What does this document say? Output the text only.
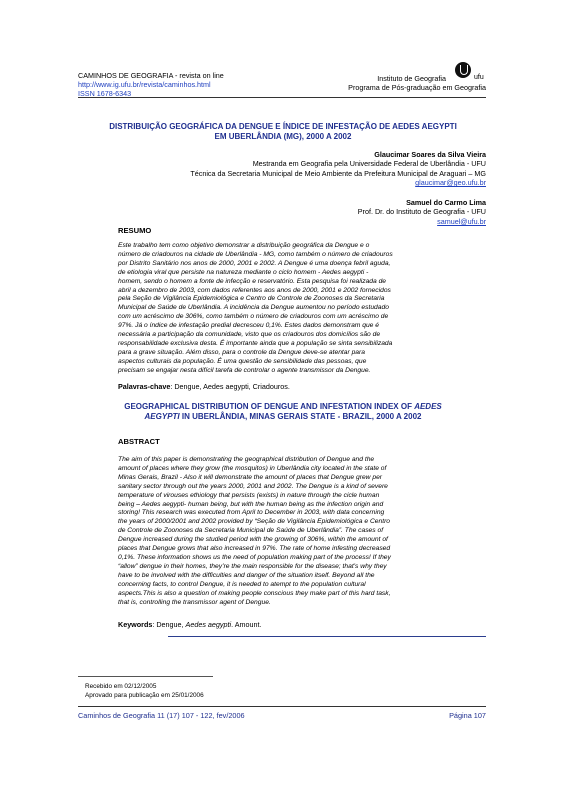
CAMINHOS DE GEOGRAFIA - revista on line
http://www.ig.ufu.br/revista/caminhos.html
ISSN 1678-6343
ufu
Instituto de Geografia
Programa de Pós-graduação em Geografia
DISTRIBUIÇÃO GEOGRÁFICA DA DENGUE E ÍNDICE DE INFESTAÇÃO DE AEDES AEGYPTI
EM UBERLÂNDIA (MG), 2000 A 2002
Glaucimar Soares da Silva Vieira
Mestranda em Geografia pela Universidade Federal de Uberlândia - UFU
Técnica da Secretaria Municipal de Meio Ambiente da Prefeitura Municipal de Araguari – MG
glaucimar@geo.ufu.br
Samuel do Carmo Lima
Prof. Dr. do Instituto de Geografia - UFU
samuel@ufu.br
RESUMO
Este trabalho tem como objetivo demonstrar a distribuição geográfica da Dengue e o
número de criadouros na cidade de Uberlândia - MG, como também o número de criadouros
por Distrito Sanitário nos anos de 2000, 2001 e 2002. A Dengue é uma doença febril aguda,
de etiologia viral que persiste na natureza mediante o ciclo homem - Aedes aegypti -
homem, sendo o homem a fonte de infecção e reservatório. Esta pesquisa foi realizada de
abril a dezembro de 2003, com dados referentes aos anos de 2000, 2001 e 2002 fornecidos
pela Seção de Vigilância Epidemiológica e Centro de Controle de Zoonoses da Secretaria
Municipal de Saúde de Uberlândia. A incidência da Dengue aumentou no período estudado
com um acréscimo de 306%, como também o número de criadouros com um acréscimo de
97%. Já o índice de infestação predial decresceu 0,1%. Estes dados demonstram que é
necessária a participação da comunidade, visto que os criadouros dos domicílios são de
responsabilidade exclusiva desta. É importante ainda que a população se sinta sensibilizada
para a grave situação. Além disso, para o controle da Dengue deve-se atentar para
aspectos culturais da população. É uma questão de sensibilidade das pessoas, que
precisam se engajar nesta difícil tarefa de controlar o agente transmissor da Dengue.
Palavras-chave: Dengue, Aedes aegypti, Criadouros.
GEOGRAPHICAL DISTRIBUTION OF DENGUE AND INFESTATION INDEX OF AEDES
AEGYPTI IN UBERLÂNDIA, MINAS GERAIS STATE - BRAZIL, 2000 A 2002
ABSTRACT
The aim of this paper is demonstrating the geographical distribution of Dengue and the
amount of places where they grow (the mosquitos) in Uberlândia city located in the state of
Minas Gerais, Brazil - Also it will demonstrate the amount of places that Dengue grew per
sanitary sector through out the years 2000, 2001 and 2002. The Dengue is a kind of severe
temperature of virouses ethiology that persists (exists) in nature through the cicle human
being – Aedes aegypti- human being, but with the human being as the infection origin and
storing! This research was executed from April to December in 2003, with data concerning
the years of 2000/2001 and 2002 provided by “Seção de Vigilância Epidemiológica e Centro
de Controle de Zoonoses da Secretaria Municipal de Saúde de Uberlândia”. The cases of
Dengue increased during the studied period with the growing of 306%, within the amount of
places that Dengue grows that also increased in 97%. The rate of home infesting decreased
0,1%. These information shows us the need of population making part of the process! If they
“allow” dengue in their homes, they’re the main responsible for the disease; that’s why they
have to be involved with the difficulties and danger of the situation itself. Beyond all the
concerning facts, to control Dengue, it is needed to atempt to the population cultural
aspects.This is also a question of making people conscious they make part of this hard task,
that is, controlling the transmissor agent of Dengue.
Keywords: Dengue, Aedes aegypti. Amount.
Recebido em 02/12/2005
Aprovado para publicação em 25/01/2006
Caminhos de Geografia 11 (17) 107 - 122, fev/2006	Página 107
